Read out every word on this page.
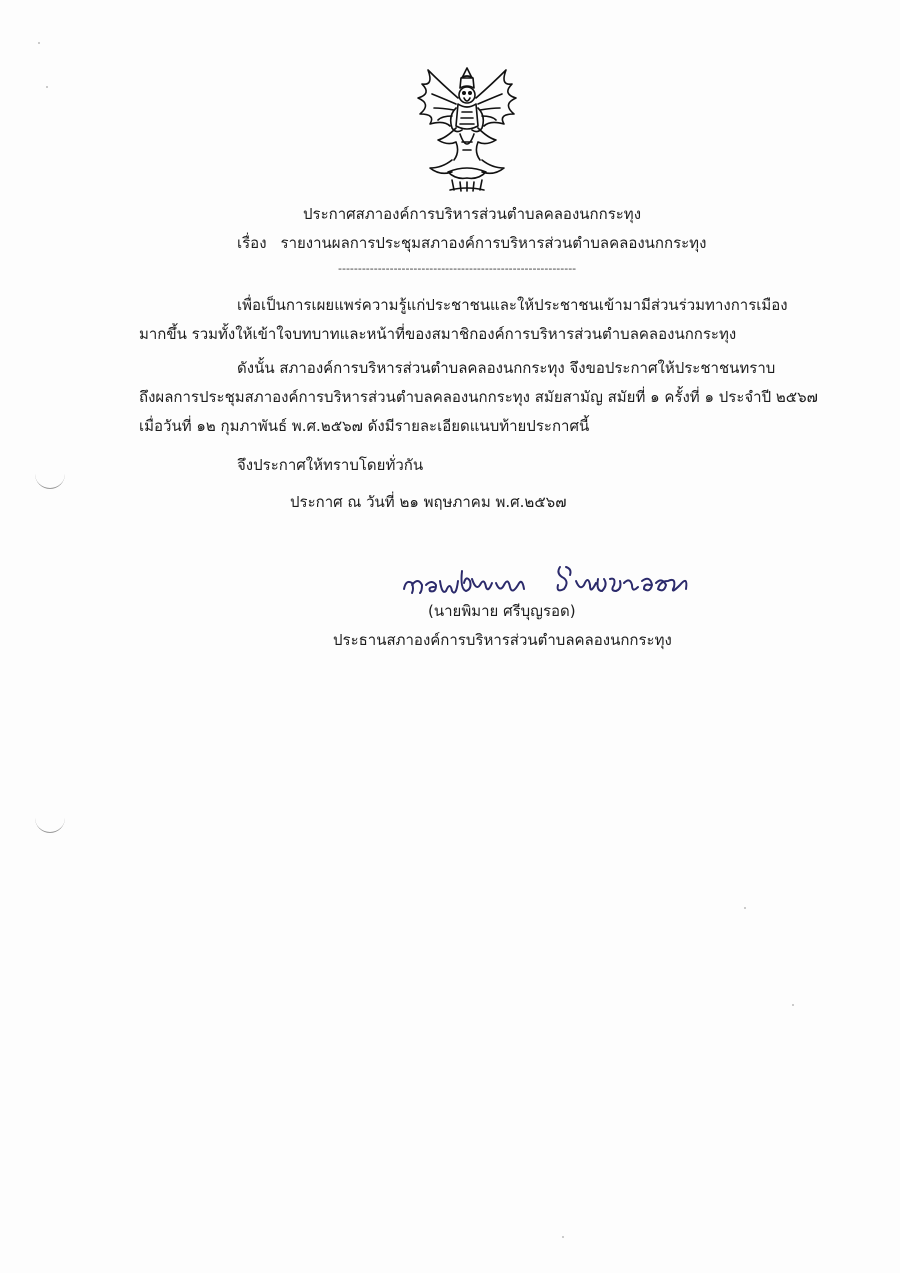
ประกาศสภาองค์การบริหารส่วนตำบลคลองนกกระทุง
เรื่อง รายงานผลการประชุมสภาองค์การบริหารส่วนตำบลคลองนกกระทุง
------------------------------------------------------------
เพื่อเป็นการเผยแพร่ความรู้แก่ประชาชนและให้ประชาชนเข้ามามีส่วนร่วมทางการเมือง
มากขึ้น รวมทั้งให้เข้าใจบทบาทและหน้าที่ของสมาชิกองค์การบริหารส่วนตำบลคลองนกกระทุง
ดังนั้น สภาองค์การบริหารส่วนตำบลคลองนกกระทุง จึงขอประกาศให้ประชาชนทราบ
ถึงผลการประชุมสภาองค์การบริหารส่วนตำบลคลองนกกระทุง สมัยสามัญ สมัยที่ ๑ ครั้งที่ ๑ ประจำปี ๒๕๖๗
เมื่อวันที่ ๑๒ กุมภาพันธ์ พ.ศ.๒๕๖๗ ดังมีรายละเอียดแนบท้ายประกาศนี้
จึงประกาศให้ทราบโดยทั่วกัน
ประกาศ ณ วันที่ ๒๑ พฤษภาคม พ.ศ.๒๕๖๗
(นายพิมาย ศรีบุญรอด)
ประธานสภาองค์การบริหารส่วนตำบลคลองนกกระทุง
